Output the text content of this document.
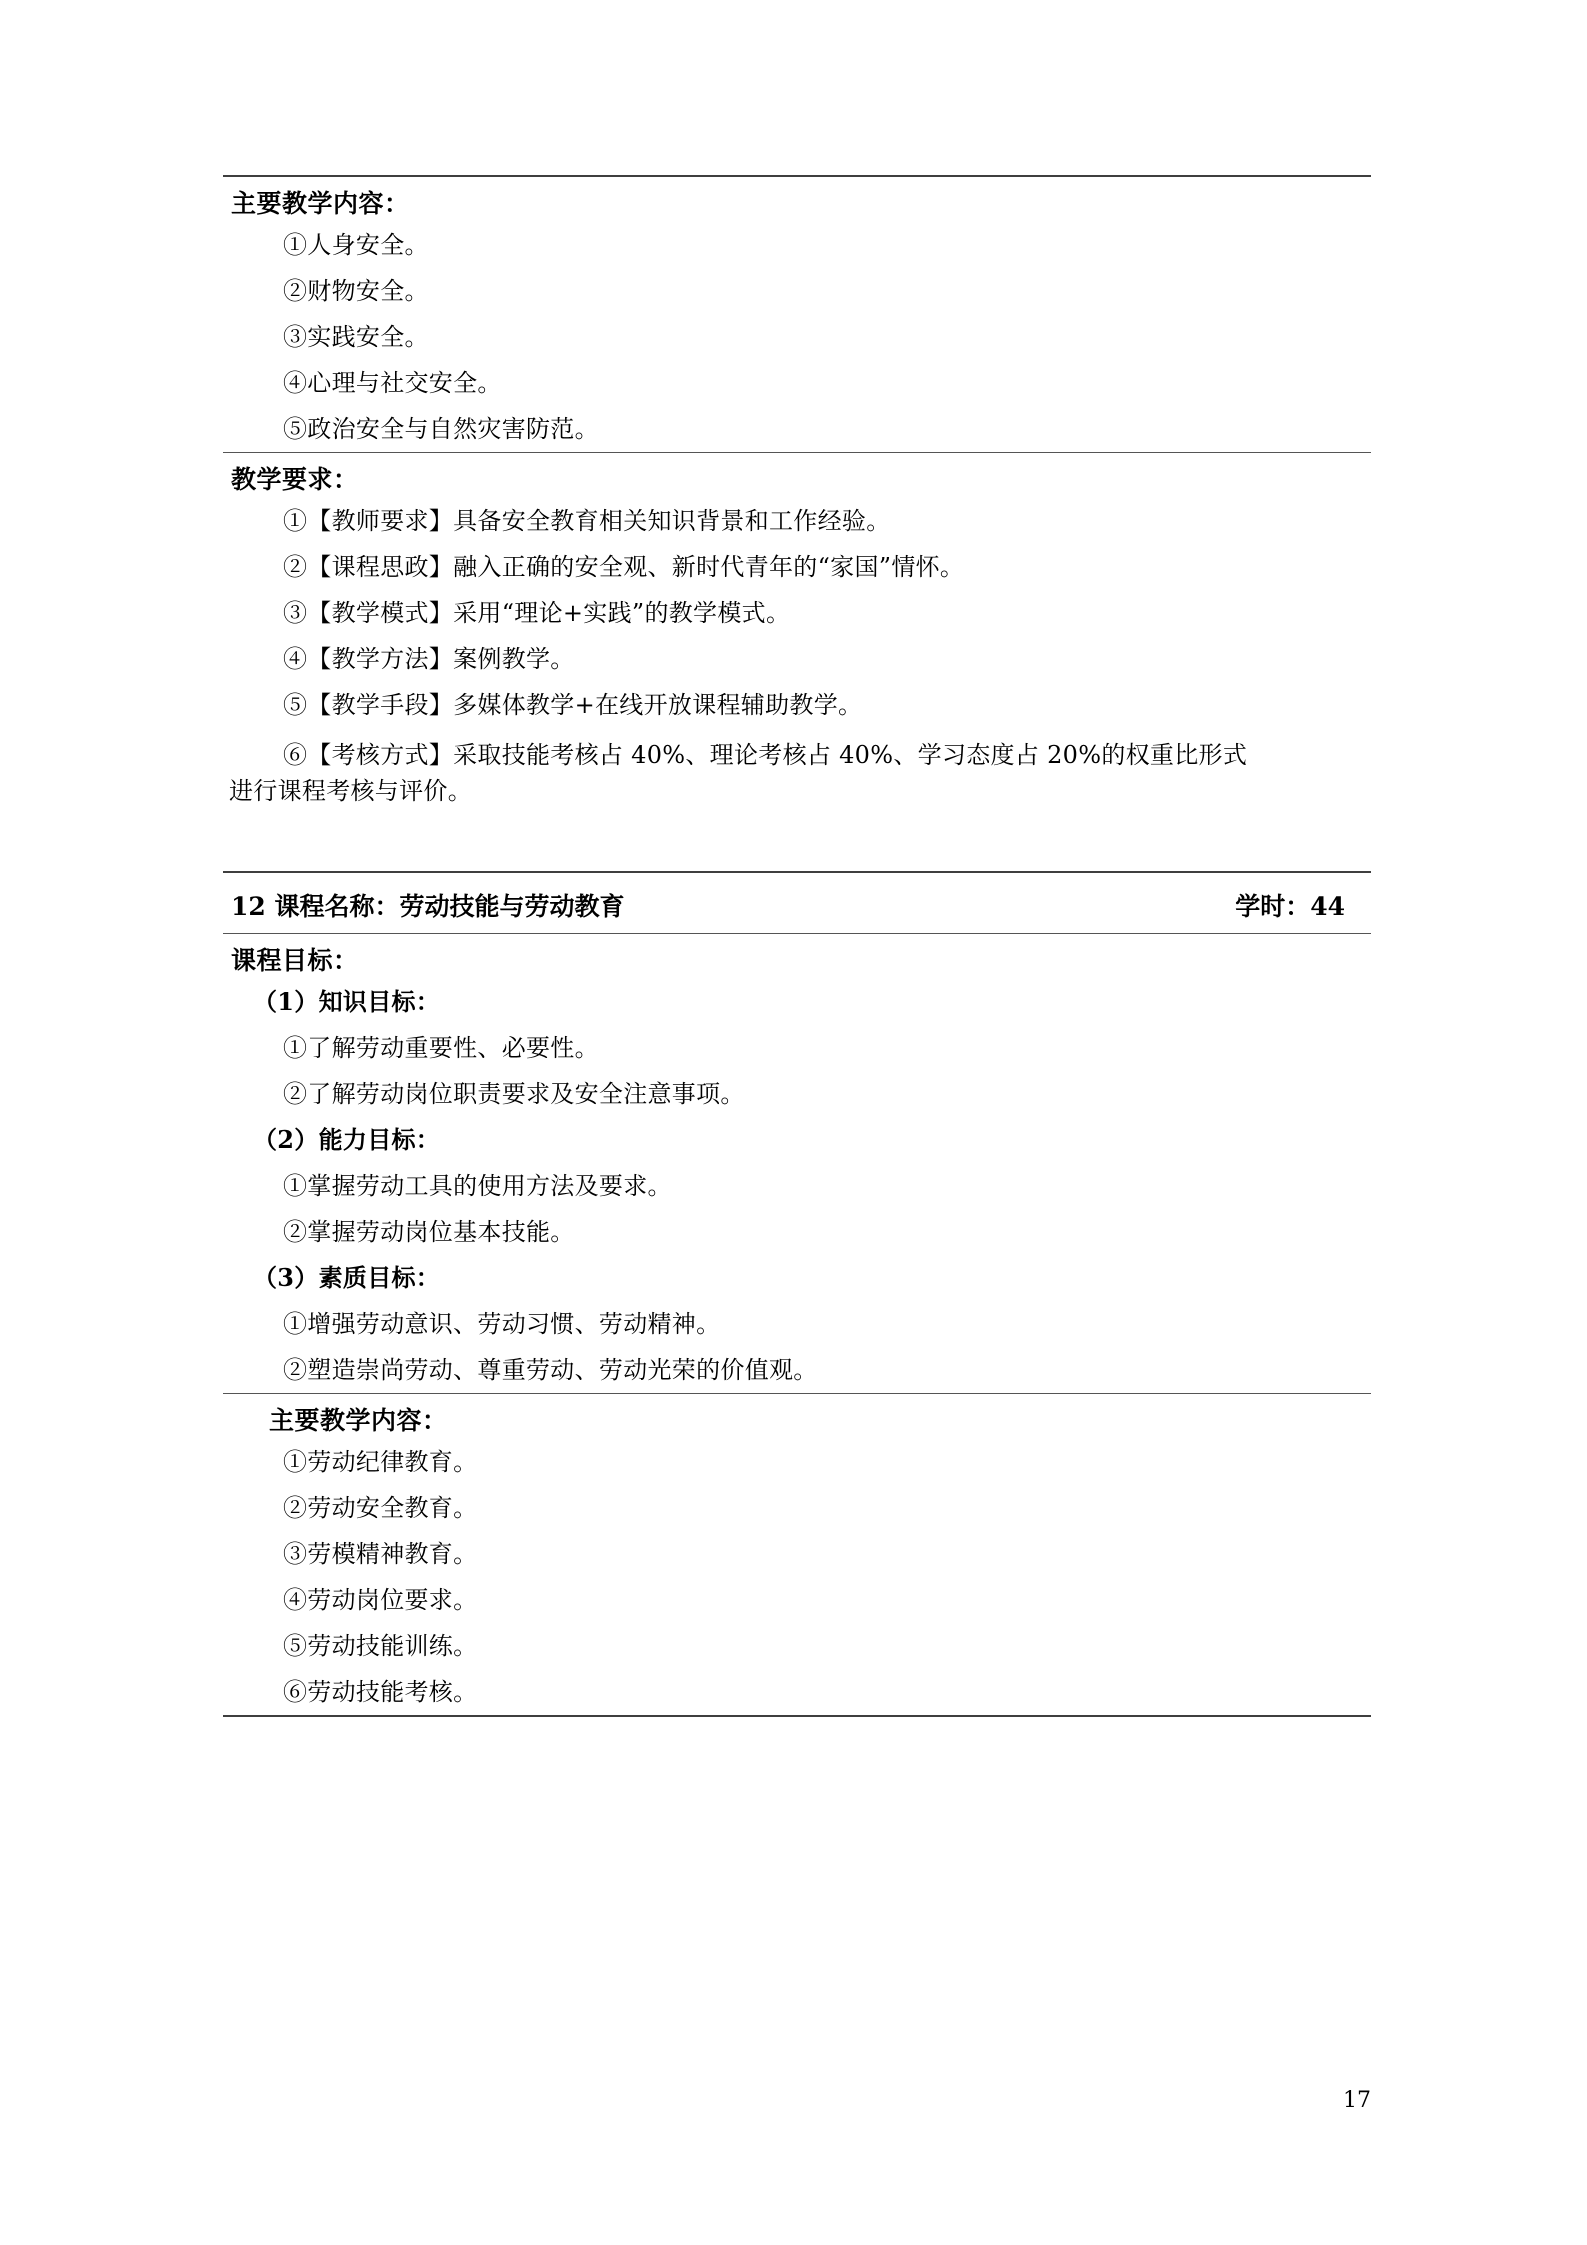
主要教学内容：
①人身安全。
②财物安全。
③实践安全。
④心理与社交安全。
⑤政治安全与自然灾害防范。
教学要求：
①【教师要求】具备安全教育相关知识背景和工作经验。
②【课程思政】融入正确的安全观、新时代青年的“家国”情怀。
③【教学模式】采用“理论+实践”的教学模式。
④【教学方法】案例教学。
⑤【教学手段】多媒体教学+在线开放课程辅助教学。
⑥【考核方式】采取技能考核占 40%、理论考核占 40%、学习态度占 20%的权重比形式
进行课程考核与评价。
12 课程名称：劳动技能与劳动教育	学时：44
课程目标：
（1）知识目标：
①了解劳动重要性、必要性。
②了解劳动岗位职责要求及安全注意事项。
（2）能力目标：
①掌握劳动工具的使用方法及要求。
②掌握劳动岗位基本技能。
（3）素质目标：
①增强劳动意识、劳动习惯、劳动精神。
②塑造崇尚劳动、尊重劳动、劳动光荣的价值观。
主要教学内容：
①劳动纪律教育。
②劳动安全教育。
③劳模精神教育。
④劳动岗位要求。
⑤劳动技能训练。
⑥劳动技能考核。
17
